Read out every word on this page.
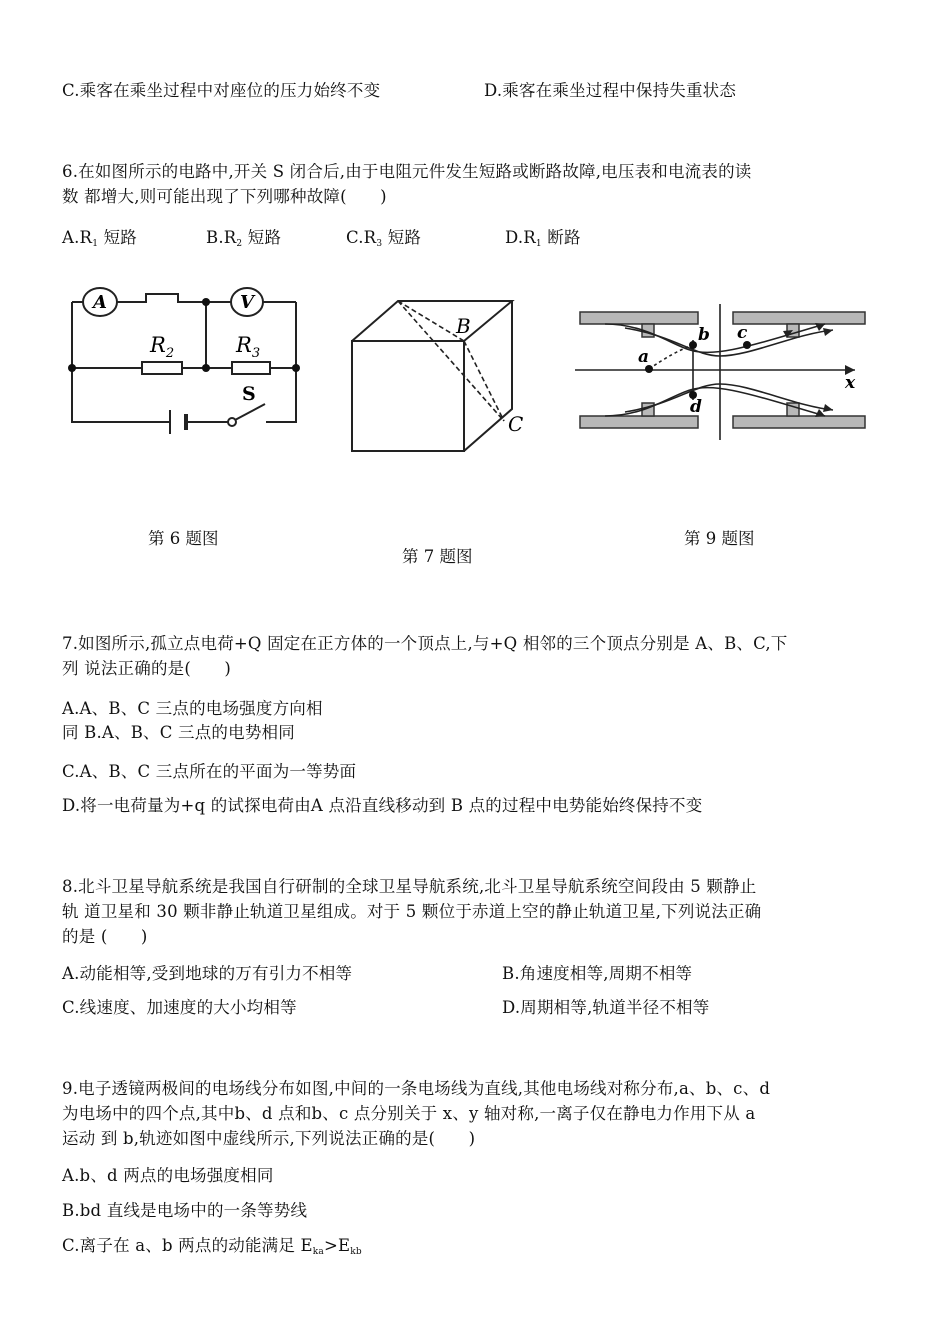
C.乘客在乘坐过程中对座位的压力始终不变	D.乘客在乘坐过程中保持失重状态
6.在如图所示的电路中,开关 S 闭合后,由于电阻元件发生短路或断路故障,电压表和电流表的读
数 都增大,则可能出现了下列哪种故障(　　)
$A.R_1$ 短路	$B.R_2$ 短路	$C.R_3$ 短路	$D.R_1$ 断路
A	V
$R_2$	$R_3$
S
B
C
a
b c
d
x
第 6 题图
第 7 题图
第 9 题图
7.如图所示,孤立点电荷+Q 固定在正方体的一个顶点上,与+Q 相邻的三个顶点分别是 A、B、C,下
列 说法正确的是(　　)
A.A、B、C 三点的电场强度方向相
同 B.A、B、C 三点的电势相同
C.A、B、C 三点所在的平面为一等势面
D.将一电荷量为+q 的试探电荷由A 点沿直线移动到 B 点的过程中电势能始终保持不变
8.北斗卫星导航系统是我国自行研制的全球卫星导航系统,北斗卫星导航系统空间段由 5 颗静止
轨 道卫星和 30 颗非静止轨道卫星组成。对于 5 颗位于赤道上空的静止轨道卫星,下列说法正确
的是 (　　)
A.动能相等,受到地球的万有引力不相等	B.角速度相等,周期不相等
C.线速度、加速度的大小均相等	D.周期相等,轨道半径不相等
9.电子透镜两极间的电场线分布如图,中间的一条电场线为直线,其他电场线对称分布,a、b、c、d
为电场中的四个点,其中b、d 点和b、c 点分别关于 x、y 轴对称,一离子仅在静电力作用下从 a
运动 到 b,轨迹如图中虚线所示,下列说法正确的是(　　)
A.b、d 两点的电场强度相同
B.bd 直线是电场中的一条等势线
C.离子在 a、b 两点的动能满足 $E_{ka}>E_{kb}$
